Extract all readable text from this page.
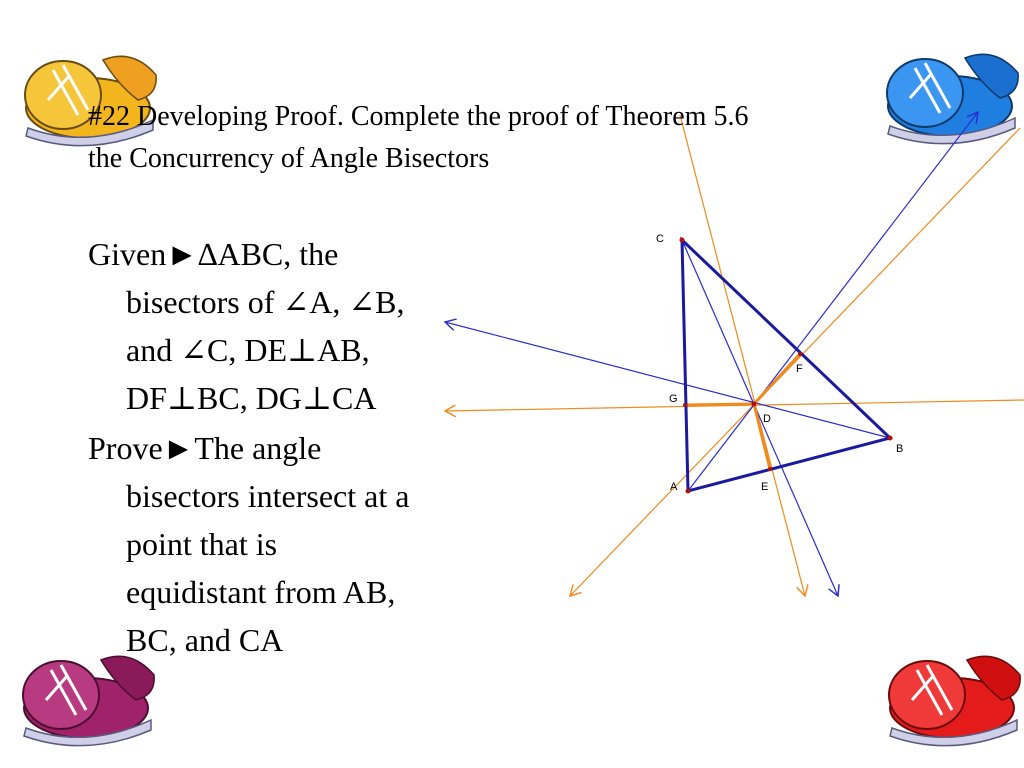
A
B
C
D
E
F
G
#22 Developing Proof. Complete the proof of Theorem 5.6
the Concurrency of Angle Bisectors
Given►∆ABC, the
bisectors of ∠A, ∠B,
and ∠C, DE⊥AB,
DF⊥BC, DG⊥CA
Prove►The angle
bisectors intersect at a
point that is
equidistant from AB,
BC, and CA
